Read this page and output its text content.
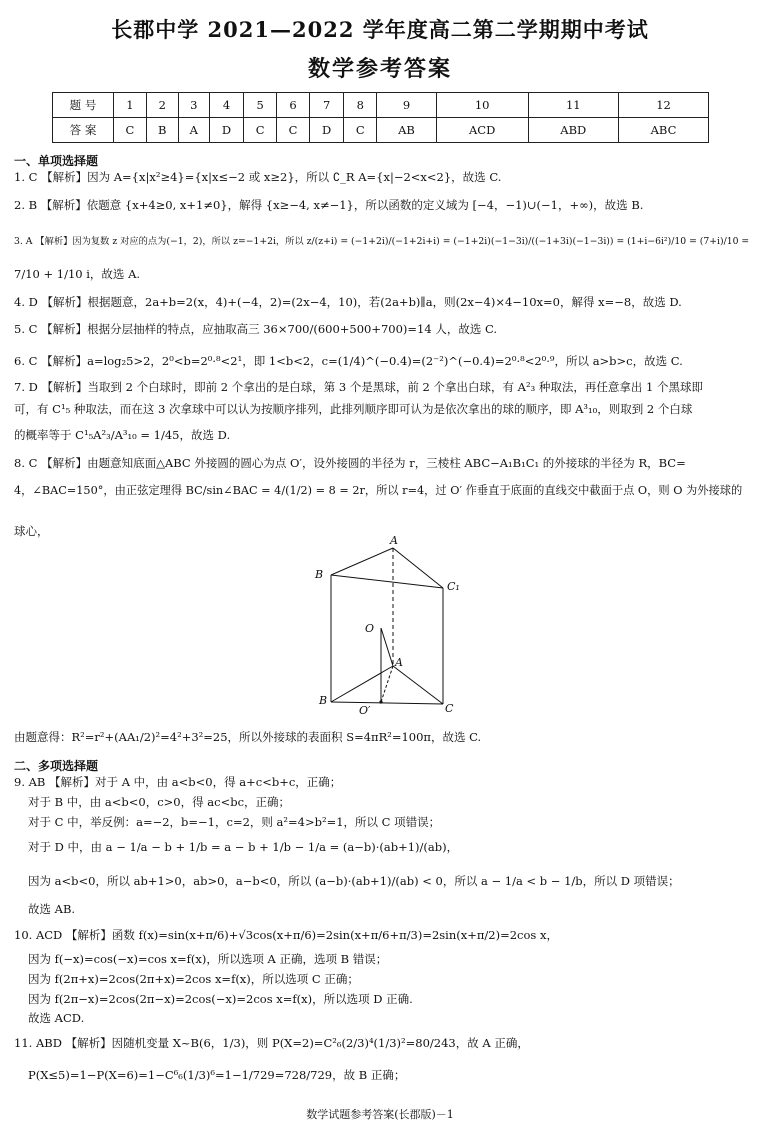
长郡中学 2021—2022 学年度高二第二学期期中考试
数学参考答案
题 号	1	2	3	4	5	6	7	8	9	10	11	12
答 案	C	B	A	D	C	C	D	C	AB	ACD	ABD	ABC
一、单项选择题
1. C 【解析】因为 A={x|x²≥4}={x|x≤−2 或 x≥2}，所以 ∁_R A={x|−2<x<2}，故选 C.
2. B 【解析】依题意 {x+4≥0, x+1≠0}，解得 {x≥−4, x≠−1}，所以函数的定义域为 [−4，−1)∪(−1，+∞)，故选 B.
3. A 【解析】因为复数 z 对应的点为(−1，2)，所以 z=−1+2i，所以 z/(z+i) = (−1+2i)/(−1+2i+i) = (−1+2i)(−1−3i)/((−1+3i)(−1−3i)) = (1+i−6i²)/10 = (7+i)/10 =
7/10 + 1/10 i，故选 A.
4. D 【解析】根据题意，2a+b=2(x，4)+(−4，2)=(2x−4，10)，若(2a+b)∥a，则(2x−4)×4−10x=0，解得 x=−8，故选 D.
5. C 【解析】根据分层抽样的特点，应抽取高三 36×700/(600+500+700)=14 人，故选 C.
6. C 【解析】a=log₂5>2，2⁰<b=2⁰·⁸<2¹，即 1<b<2，c=(1/4)^(−0.4)=(2⁻²)^(−0.4)=2⁰·⁸<2⁰·⁹，所以 a>b>c，故选 C.
7. D 【解析】当取到 2 个白球时，即前 2 个拿出的是白球，第 3 个是黑球，前 2 个拿出白球，有 A²₃ 种取法，再任意拿出 1 个黑球即
可，有 C¹₅ 种取法，而在这 3 次拿球中可以认为按顺序排列，此排列顺序即可认为是依次拿出的球的顺序，即 A³₁₀，则取到 2 个白球
的概率等于 C¹₅A²₃/A³₁₀ = 1/45，故选 D.
8. C 【解析】由题意知底面△ABC 外接圆的圆心为点 O′，设外接圆的半径为 r，三棱柱 ABC−A₁B₁C₁ 的外接球的半径为 R，BC=
4，∠BAC=150°，由正弦定理得 BC/sin∠BAC = 4/(1/2) = 8 = 2r，所以 r=4，过 O′ 作垂直于底面的直线交中截面于点 O，则 O 为外接球的
球心，
A
B
C₁
O
A
B
O′	C
由题意得：R²=r²+(AA₁/2)²=4²+3²=25，所以外接球的表面积 S=4πR²=100π，故选 C.
二、多项选择题
9. AB 【解析】对于 A 中，由 a<b<0，得 a+c<b+c，正确；
对于 B 中，由 a<b<0，c>0，得 ac<bc，正确；
对于 C 中，举反例：a=−2，b=−1，c=2，则 a²=4>b²=1，所以 C 项错误；
对于 D 中，由 a − 1/a − b + 1/b = a − b + 1/b − 1/a = (a−b)·(ab+1)/(ab)，
因为 a<b<0，所以 ab+1>0，ab>0，a−b<0，所以 (a−b)·(ab+1)/(ab) < 0，所以 a − 1/a < b − 1/b，所以 D 项错误；
故选 AB.
10. ACD 【解析】函数 f(x)=sin(x+π/6)+√3cos(x+π/6)=2sin(x+π/6+π/3)=2sin(x+π/2)=2cos x，
因为 f(−x)=cos(−x)=cos x=f(x)，所以选项 A 正确，选项 B 错误；
因为 f(2π+x)=2cos(2π+x)=2cos x=f(x)，所以选项 C 正确；
因为 f(2π−x)=2cos(2π−x)=2cos(−x)=2cos x=f(x)，所以选项 D 正确.
故选 ACD.
11. ABD 【解析】因随机变量 X~B(6，1/3)，则 P(X=2)=C²₆(2/3)⁴(1/3)²=80/243，故 A 正确，
P(X≤5)=1−P(X=6)=1−C⁶₆(1/3)⁶=1−1/729=728/729，故 B 正确；
数学试题参考答案(长郡版)－1
